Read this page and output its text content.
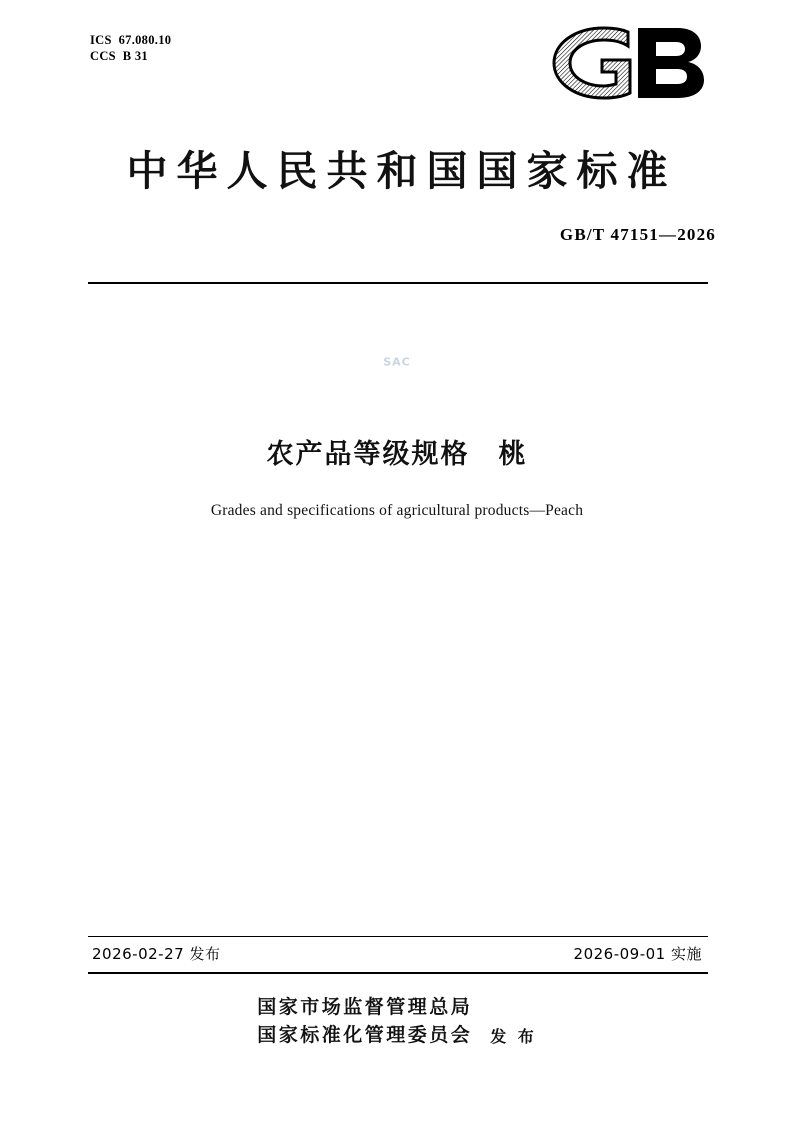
ICS  67.080.10
CCS  B 31
中华人民共和国国家标准
GB/T 47151—2026
SAC
农产品等级规格　桃
Grades and specifications of agricultural products—Peach
2026-02-27 发布	2026-09-01 实施
国家市场监督管理总局
国家标准化管理委员会 发 布
